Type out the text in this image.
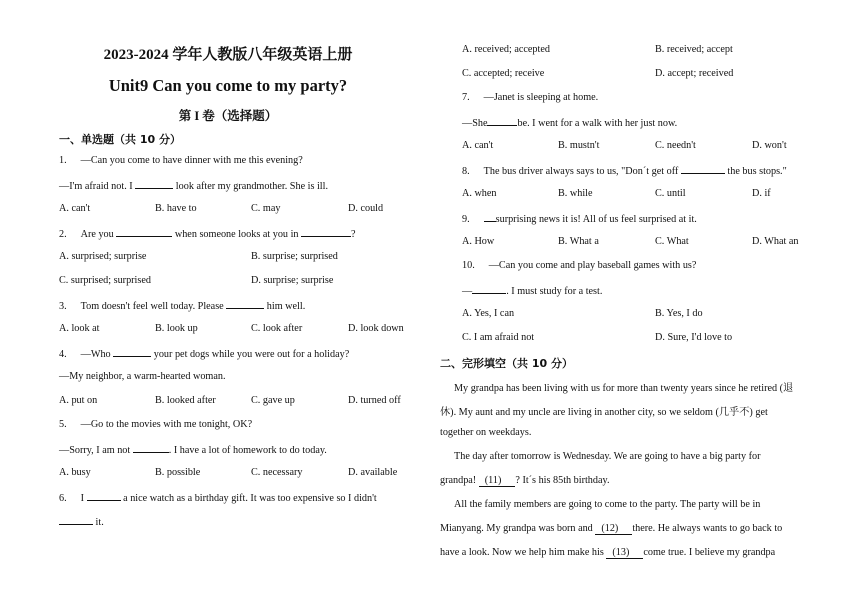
2023-2024 学年人教版八年级英语上册
Unit9 Can you come to my party?
第 I 卷（选择题）
一、单选题（共 10 分）
1. —Can you come to have dinner with me this evening?
—I'm afraid not. I	look after my grandmother. She is ill.
A. can't	B. have to	C. may	D. could
2. Are you	when someone looks at you in	?
A. surprised; surprise	B. surprise; surprised
C. surprised; surprised	D. surprise; surprise
3. Tom doesn't feel well today. Please	him well.
A. look at	B. look up	C. look after	D. look down
4. —Who	your pet dogs while you were out for a holiday?
—My neighbor, a warm-hearted woman.
A. put on	B. looked after	C. gave up	D. turned off
5. —Go to the movies with me tonight, OK?
—Sorry, I am not	. I have a lot of homework to do today.
A. busy	B. possible	C. necessary	D. available
6. I	a nice watch as a birthday gift. It was too expensive so I didn't
it.
A. received; accepted	B. received; accept
C. accepted; receive	D. accept; received
7. —Janet is sleeping at home.
—She	be. I went for a walk with her just now.
A. can't	B. mustn't	C. needn't	D. won't
8. The bus driver always says to us, "Don´t get off	the bus stops."
A. when	B. while	C. until	D. if
9.	surprising news it is! All of us feel surprised at it.
A. How	B. What a	C. What	D. What an
10. —Can you come and play baseball games with us?
—	. I must study for a test.
A. Yes, I can	B. Yes, I do
C. I am afraid not	D. Sure, I'd love to
二、完形填空（共 10 分）
My grandpa has been living with us for more than twenty years since he retired (退
休). My aunt and my uncle are living in another city, so we seldom (几乎不) get
together on weekdays.
The day after tomorrow is Wednesday. We are going to have a big party for
grandpa! (11) ? It´s his 85th birthday.
All the family members are going to come to the party. The party will be in
Mianyang. My grandpa was born and (12) there. He always wants to go back to
have a look. Now we help him make his (13) come true. I believe my grandpa
